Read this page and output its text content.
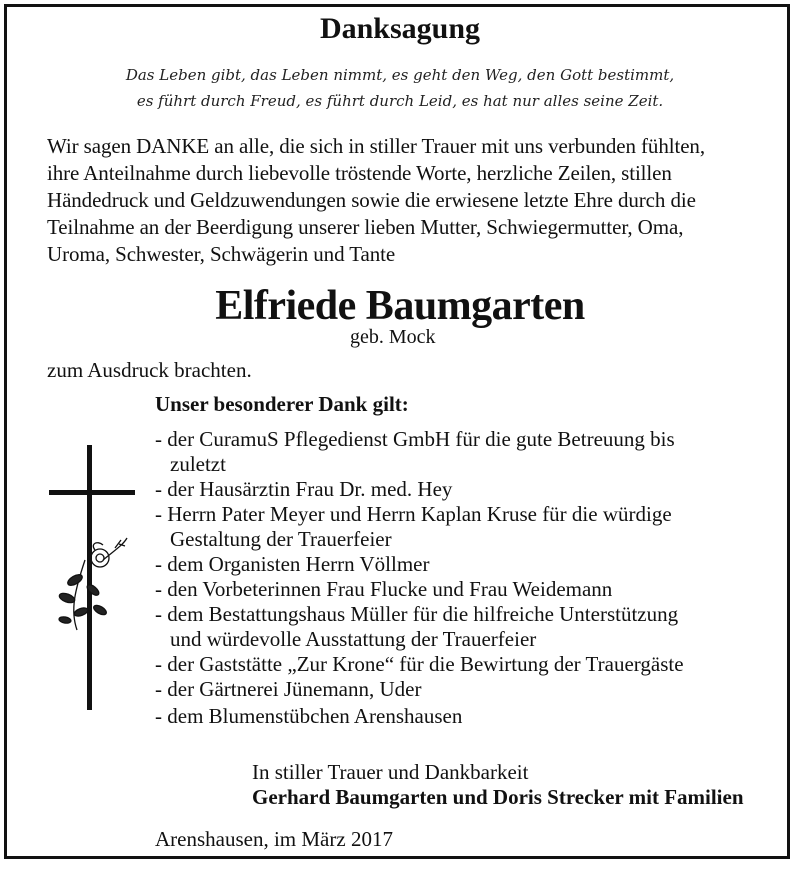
Danksagung
Das Leben gibt, das Leben nimmt, es geht den Weg, den Gott bestimmt,
es führt durch Freud, es führt durch Leid, es hat nur alles seine Zeit.
Wir sagen DANKE an alle, die sich in stiller Trauer mit uns verbunden fühlten,
ihre Anteilnahme durch liebevolle tröstende Worte, herzliche Zeilen, stillen
Händedruck und Geldzuwendungen sowie die erwiesene letzte Ehre durch die
Teilnahme an der Beerdigung unserer lieben Mutter, Schwiegermutter, Oma,
Uroma, Schwester, Schwägerin und Tante
Elfriede Baumgarten
geb. Mock
zum Ausdruck brachten.
Unser besonderer Dank gilt:
- der CuramuS Pflegedienst GmbH für die gute Betreuung bis
zuletzt
- der Hausärztin Frau Dr. med. Hey
- Herrn Pater Meyer und Herrn Kaplan Kruse für die würdige
Gestaltung der Trauerfeier
- dem Organisten Herrn Völlmer
- den Vorbeterinnen Frau Flucke und Frau Weidemann
- dem Bestattungshaus Müller für die hilfreiche Unterstützung
und würdevolle Ausstattung der Trauerfeier
- der Gaststätte „Zur Krone“ für die Bewirtung der Trauergäste
- der Gärtnerei Jünemann, Uder
- dem Blumenstübchen Arenshausen
In stiller Trauer und Dankbarkeit
Gerhard Baumgarten und Doris Strecker mit Familien
Arenshausen, im März 2017
